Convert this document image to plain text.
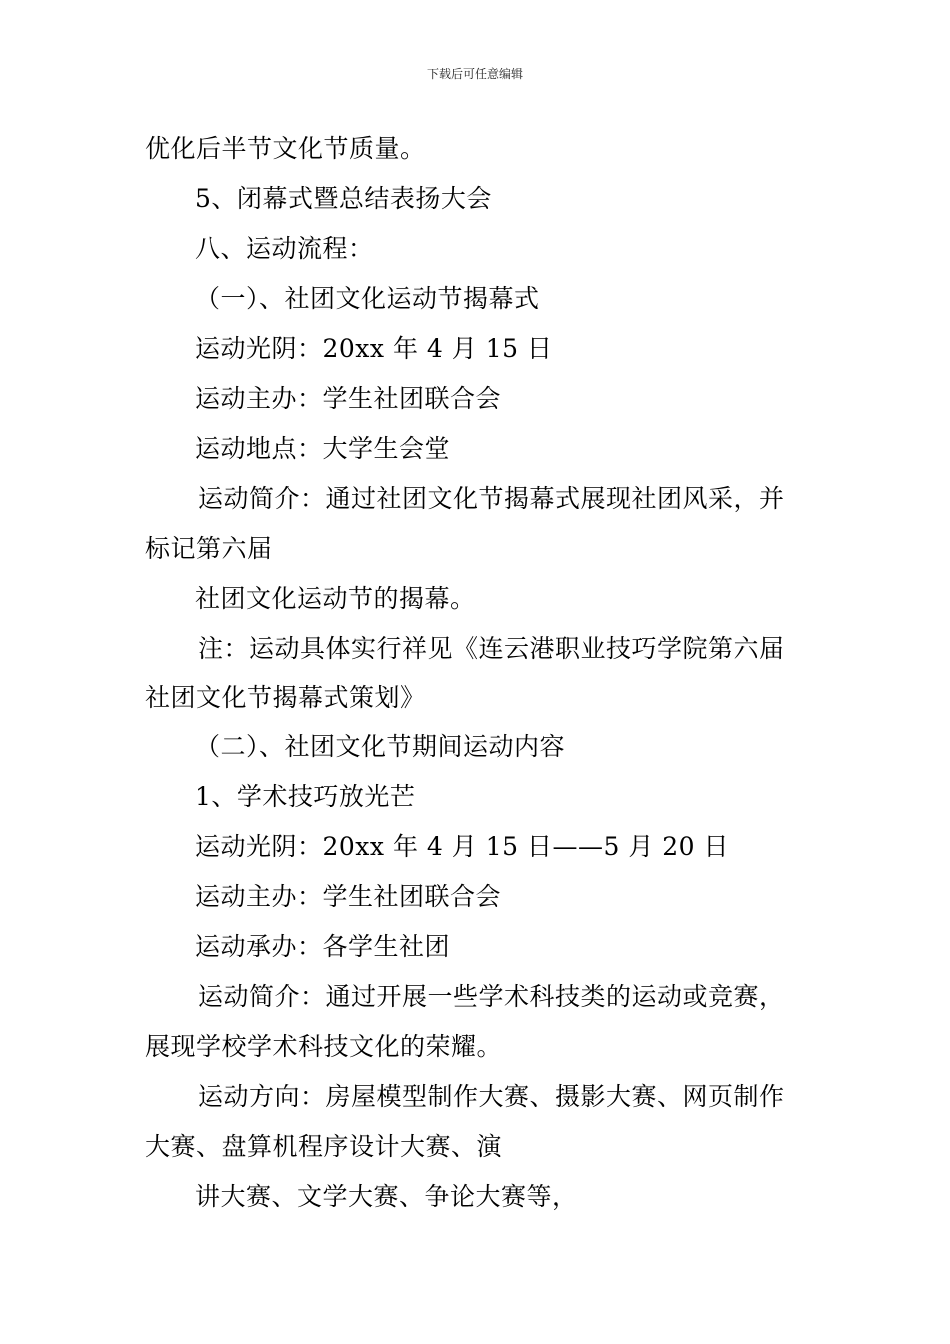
下载后可任意编辑
优化后半节文化节质量。
5、闭幕式暨总结表扬大会
八、运动流程：
（一）、社团文化运动节揭幕式
运动光阴：20xx 年 4 月 15 日
运动主办：学生社团联合会
运动地点：大学生会堂
运动简介：通过社团文化节揭幕式展现社团风采，并
标记第六届
社团文化运动节的揭幕。
注：运动具体实行祥见《连云港职业技巧学院第六届
社团文化节揭幕式策划》
（二）、社团文化节期间运动内容
1、学术技巧放光芒
运动光阴：20xx 年 4 月 15 日——5 月 20 日
运动主办：学生社团联合会
运动承办：各学生社团
运动简介：通过开展一些学术科技类的运动或竞赛，
展现学校学术科技文化的荣耀。
运动方向：房屋模型制作大赛、摄影大赛、网页制作
大赛、盘算机程序设计大赛、演
讲大赛、文学大赛、争论大赛等，
